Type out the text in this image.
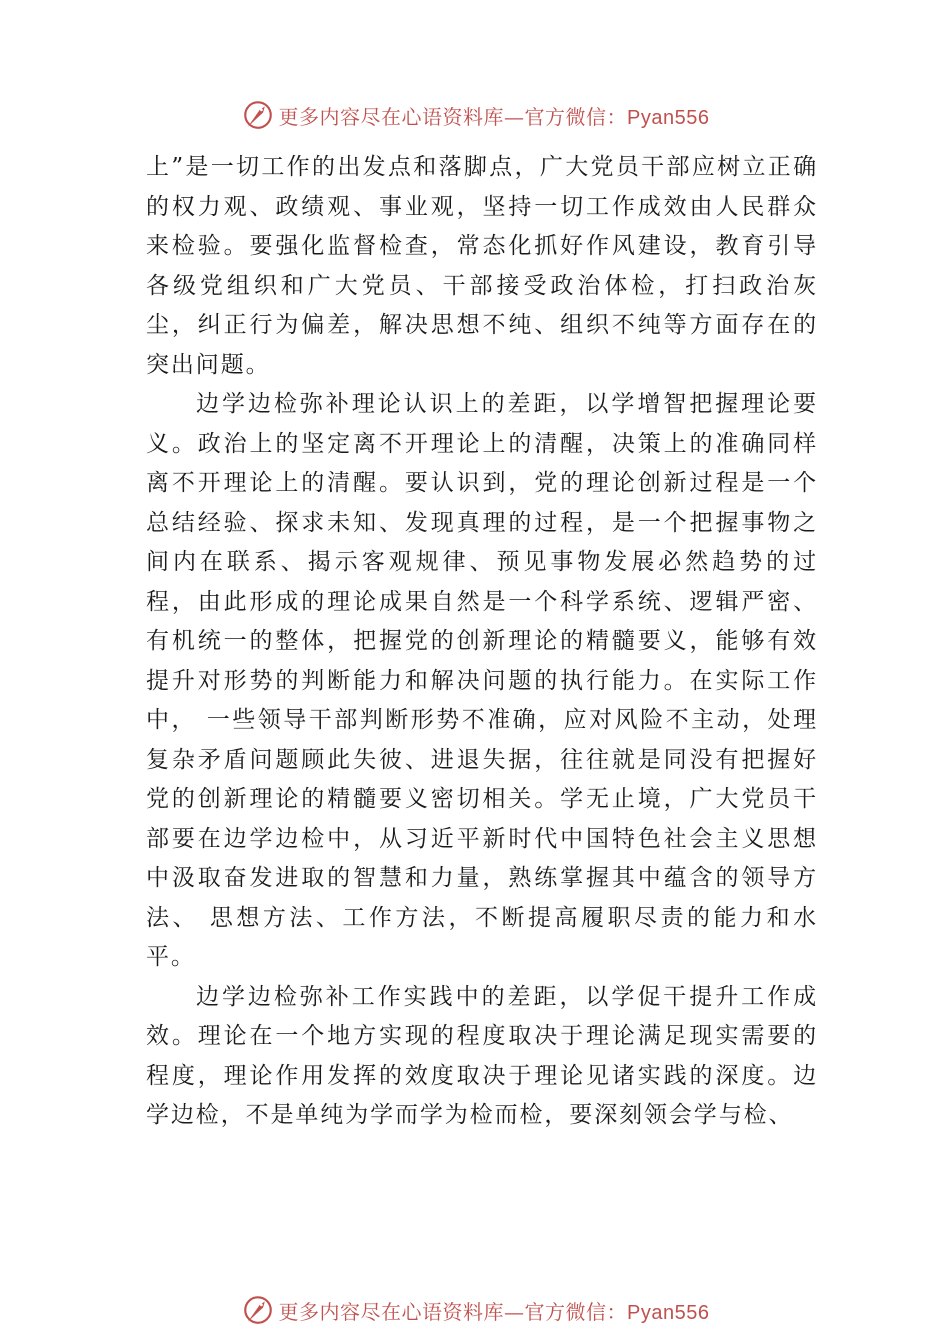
更多内容尽在心语资料库—官方微信：Pyan556

上”是一切工作的出发点和落脚点，广大党员干部应树立正确的权力观、政绩观、事业观，坚持一切工作成效由人民群众来检验。要强化监督检查，常态化抓好作风建设，教育引导各级党组织和广大党员、干部接受政治体检，打扫政治灰尘，纠正行为偏差，解决思想不纯、组织不纯等方面存在的突出问题。

边学边检弥补理论认识上的差距，以学增智把握理论要义。政治上的坚定离不开理论上的清醒，决策上的准确同样离不开理论上的清醒。要认识到，党的理论创新过程是一个总结经验、探求未知、发现真理的过程，是一个把握事物之间内在联系、揭示客观规律、预见事物发展必然趋势的过程，由此形成的理论成果自然是一个科学系统、逻辑严密、有机统一的整体，把握党的创新理论的精髓要义，能够有效提升对形势的判断能力和解决问题的执行能力。在实际工作中， 一些领导干部判断形势不准确，应对风险不主动，处理复杂矛盾问题顾此失彼、进退失据，往往就是同没有把握好党的创新理论的精髓要义密切相关。学无止境，广大党员干部要在边学边检中，从习近平新时代中国特色社会主义思想中汲取奋发进取的智慧和力量，熟练掌握其中蕴含的领导方法、 思想方法、工作方法，不断提高履职尽责的能力和水平。

边学边检弥补工作实践中的差距，以学促干提升工作成效。理论在一个地方实现的程度取决于理论满足现实需要的程度，理论作用发挥的效度取决于理论见诸实践的深度。边学边检，不是单纯为学而学为检而检，要深刻领会学与检、

更多内容尽在心语资料库—官方微信：Pyan556
